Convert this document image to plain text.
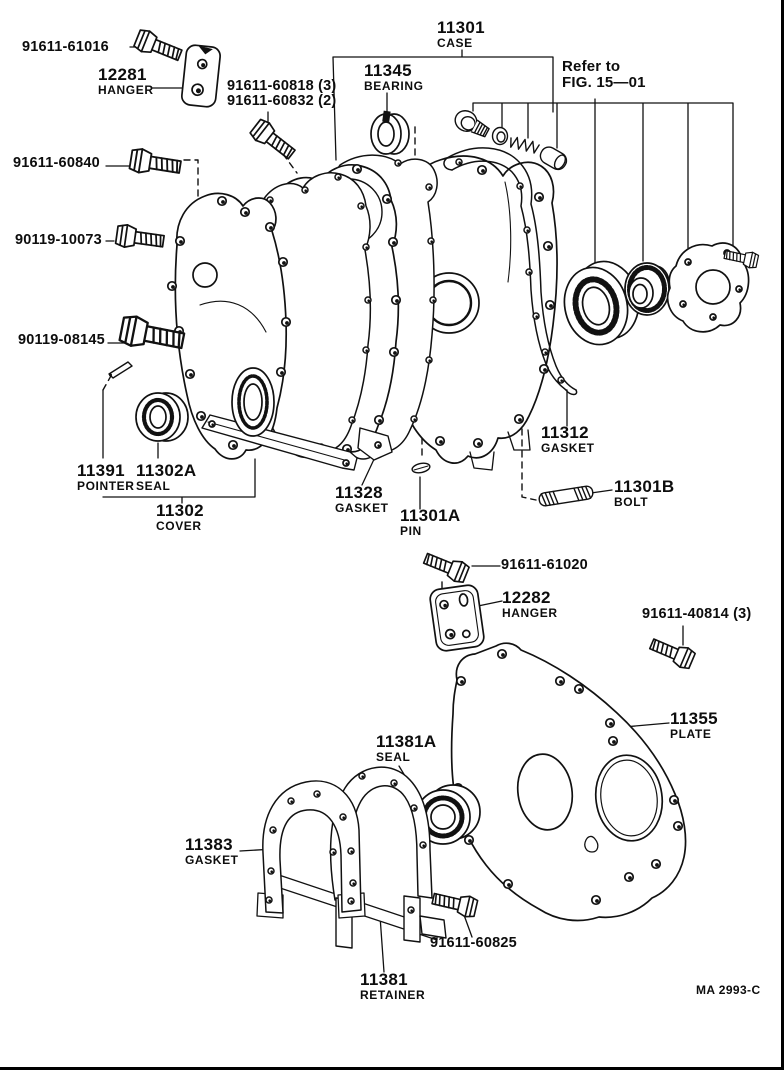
91611-61016
12281
HANGER
11301
CASE
91611-60818 (3)
91611-60832 (2)
11345
BEARING
Refer to
FIG. 15—01
91611-60840
90119-10073
90119-08145
11391
POINTER
11302A
SEAL
11302
COVER
11328
GASKET 11301A
PIN
11312
GASKET
11301B
BOLT
91611-61020
12282
HANGER	91611-40814 (3)
11355
PLATE
11381A
SEAL
11383
GASKET
91611-60825
11381
RETAINER	MA 2993-C
